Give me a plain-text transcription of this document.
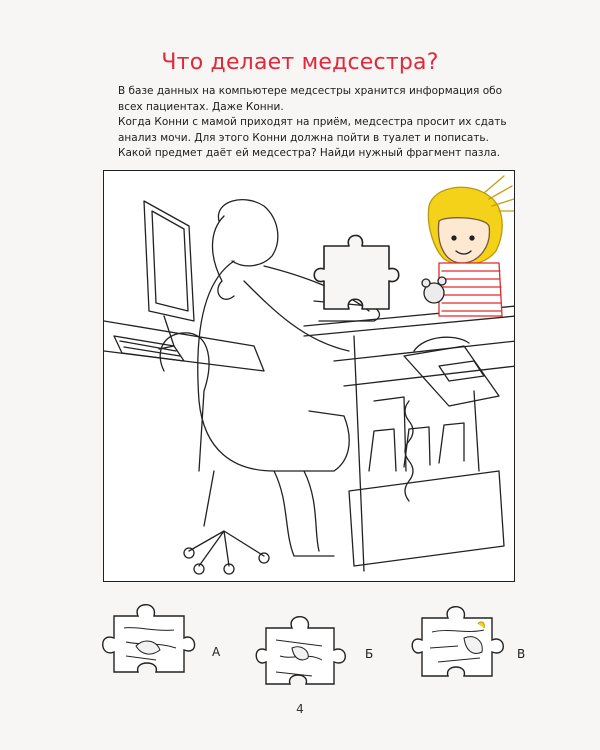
Что делает медсестра?

В базе данных на компьютере медсестры хранится информация обо всех пациентах. Даже Конни.

Когда Конни с мамой приходят на приём, медсестра просит их сдать анализ мочи. Для этого Конни должна пойти в туалет и пописать. Какой предмет даёт ей медсестра? Найди нужный фрагмент пазла.

А	Б	В
4
